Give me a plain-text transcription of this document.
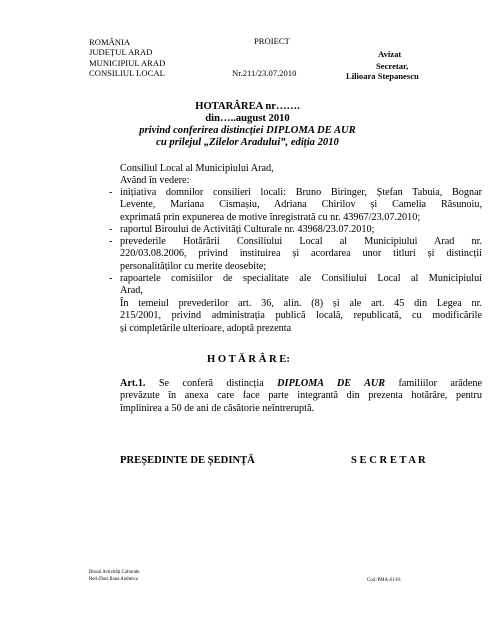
ROMÂNIA
JUDEȚUL ARAD
MUNICIPIUL ARAD
CONSILIUL LOCAL
PROIECT
Nr.211/23.07.2010
Avizat
Secretar,
Lilioara Stepanescu
HOTARÂREA nr…….
din…..august 2010
privind conferirea distincției DIPLOMA DE AUR
cu prilejul „Zilelor Aradului”, ediția 2010
Consiliul Local al Municipiului Arad,
Având în vedere:
- inițiativa domnilor consilieri locali: Bruno Biringer, Ștefan Tabuia, Bognar
Levente, Mariana Cismașiu, Adriana Chirilov și Camelia Răsunoiu,
exprimată prin expunerea de motive înregistrată cu nr. 43967/23.07.2010;
- raportul Biroului de Activități Culturale nr. 43968/23.07.2010;
- prevederile Hotărârii Consiliului Local al Municipiului Arad nr.
220/03.08.2006, privind instituirea și acordarea unor titluri și distincții
personalităților cu merite deosebite;
- rapoartele comisiilor de specialitate ale Consiliului Local al Municipiului
Arad,
În temeiul prevederilor art. 36, alin. (8) și ale art. 45 din Legea nr.
215/2001, privind administrația publică locală, republicată, cu modificările
și completările ulterioare, adoptă prezenta
H O T Ă R Â R E:
Art.1. Se conferă distincția DIPLOMA DE AUR familiilor arădene
prevăzute în anexa care face parte integrantă din prezenta hotărâre, pentru
împlinirea a 50 de ani de căsătorie neîntreruptă.
PREȘEDINTE DE ȘEDINȚĂ	S E C R E T A R
Biroul Activități Culturale
Red./Dact.Ilona Andreica	Cod :PMA-S1-01
